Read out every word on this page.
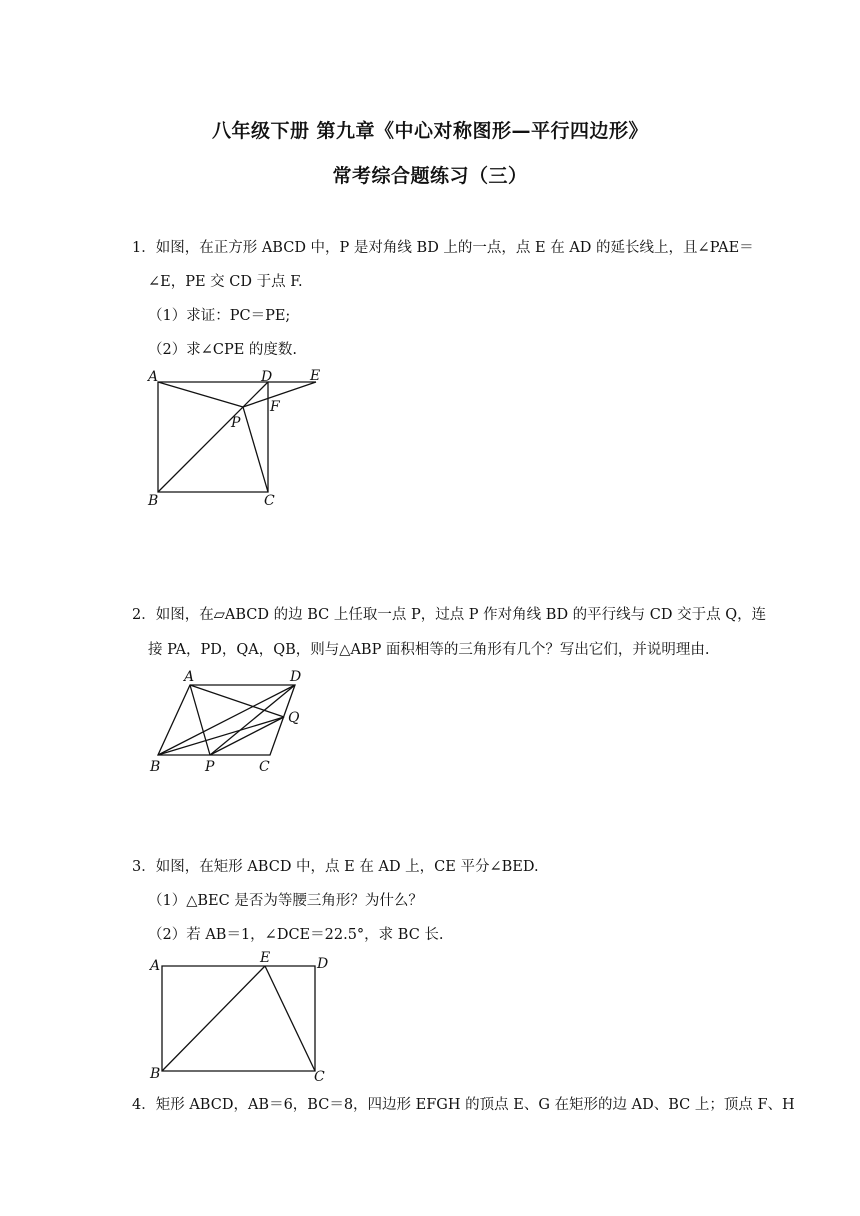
八年级下册 第九章《中心对称图形—平行四边形》
常考综合题练习（三）
1．如图，在正方形 ABCD 中，P 是对角线 BD 上的一点，点 E 在 AD 的延长线上，且∠PAE＝
∠E，PE 交 CD 于点 F.
（1）求证：PC＝PE;
（2）求∠CPE 的度数.
A	D	E
F
P
B	C
2．如图，在▱ABCD 的边 BC 上任取一点 P，过点 P 作对角线 BD 的平行线与 CD 交于点 Q，连
接 PA，PD，QA，QB，则与△ABP 面积相等的三角形有几个？写出它们，并说明理由.
A	D
Q
B	P	C
3．如图，在矩形 ABCD 中，点 E 在 AD 上，CE 平分∠BED.
（1）△BEC 是否为等腰三角形？为什么？
（2）若 AB＝1，∠DCE＝22.5°，求 BC 长.
A	E	D
B	C
4．矩形 ABCD，AB＝6，BC＝8，四边形 EFGH 的顶点 E、G 在矩形的边 AD、BC 上；顶点 F、H
